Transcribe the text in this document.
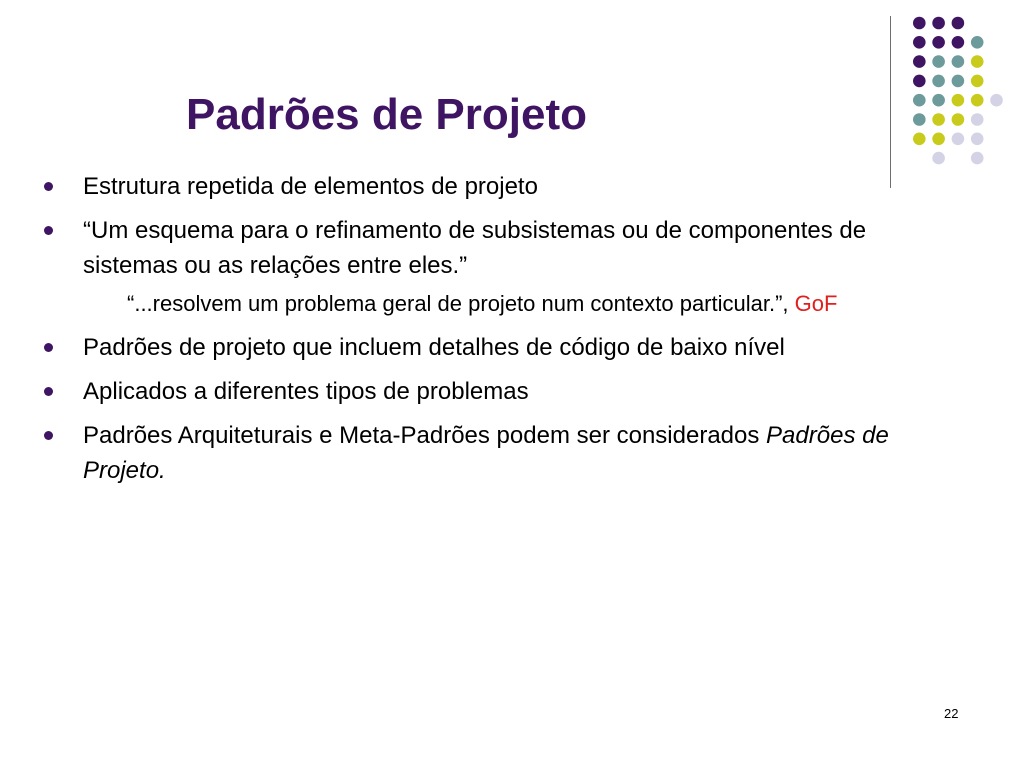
Padrões de Projeto
Estrutura repetida de elementos de projeto
“Um esquema para o refinamento de subsistemas ou de componentes de sistemas ou as relações entre eles.”
“...resolvem um problema geral de projeto num contexto particular.”, GoF
Padrões de projeto que incluem detalhes de código de baixo nível
Aplicados a diferentes tipos de problemas
Padrões Arquiteturais e Meta-Padrões podem ser considerados Padrões de Projeto.
22
